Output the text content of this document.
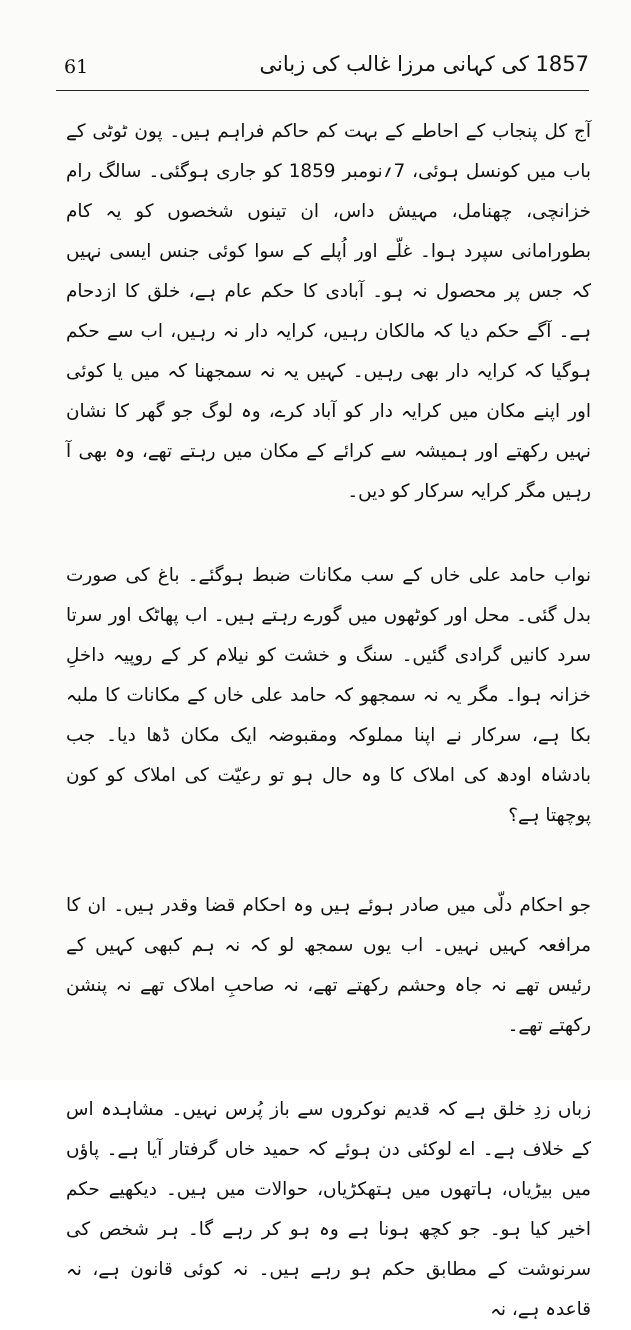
61	1857 کی کہانی مرزا غالب کی زبانی

آج کل پنجاب کے احاطے کے بہت کم حاکم فراہم ہیں۔ پون ٹوٹی کے باب میں کونسل ہوئی، 7؍نومبر 1859 کو جاری ہوگئی۔ سالگ رام خزانچی، چھنامل، مہیش داس، ان تینوں شخصوں کو یہ کام بطورامانی سپرد ہوا۔ غلّے اور اُپلے کے سوا کوئی جنس ایسی نہیں کہ جس پر محصول نہ ہو۔ آبادی کا حکم عام ہے، خلق کا ازدحام ہے۔ آگے حکم دیا کہ مالکان رہیں، کرایہ دار نہ رہیں، اب سے حکم ہوگیا کہ کرایہ دار بھی رہیں۔ کہیں یہ نہ سمجھنا کہ میں یا کوئی اور اپنے مکان میں کرایہ دار کو آباد کرے، وہ لوگ جو گھر کا نشان نہیں رکھتے اور ہمیشہ سے کرائے کے مکان میں رہتے تھے، وہ بھی آ رہیں مگر کرایہ سرکار کو دیں۔

نواب حامد علی خاں کے سب مکانات ضبط ہوگئے۔ باغ کی صورت بدل گئی۔ محل اور کوٹھوں میں گورے رہتے ہیں۔ اب پھاٹک اور سرتا سرد کانیں گرادی گئیں۔ سنگ و خشت کو نیلام کر کے روپیہ داخلِ خزانہ ہوا۔ مگر یہ نہ سمجھو کہ حامد علی خاں کے مکانات کا ملبہ بکا ہے، سرکار نے اپنا مملوکہ ومقبوضہ ایک مکان ڈھا دیا۔ جب بادشاہ اودھ کی املاک کا وہ حال ہو تو رعیّت کی املاک کو کون پوچھتا ہے؟

جو احکام دلّی میں صادر ہوئے ہیں وہ احکام قضا وقدر ہیں۔ ان کا مرافعہ کہیں نہیں۔ اب یوں سمجھ لو کہ نہ ہم کبھی کہیں کے رئیس تھے نہ جاہ وحشم رکھتے تھے، نہ صاحبِ املاک تھے نہ پنشن رکھتے تھے۔

زباں زدِ خلق ہے کہ قدیم نوکروں سے باز پُرس نہیں۔ مشاہدہ اس کے خلاف ہے۔ اے لوکئی دن ہوئے کہ حمید خاں گرفتار آیا ہے۔ پاؤں میں بیڑیاں، ہاتھوں میں ہتھکڑیاں، حوالات میں ہیں۔ دیکھیے حکم اخیر کیا ہو۔ جو کچھ ہونا ہے وہ ہو کر رہے گا۔ ہر شخص کی سرنوشت کے مطابق حکم ہو رہے ہیں۔ نہ کوئی قانون ہے، نہ قاعدہ ہے، نہ
